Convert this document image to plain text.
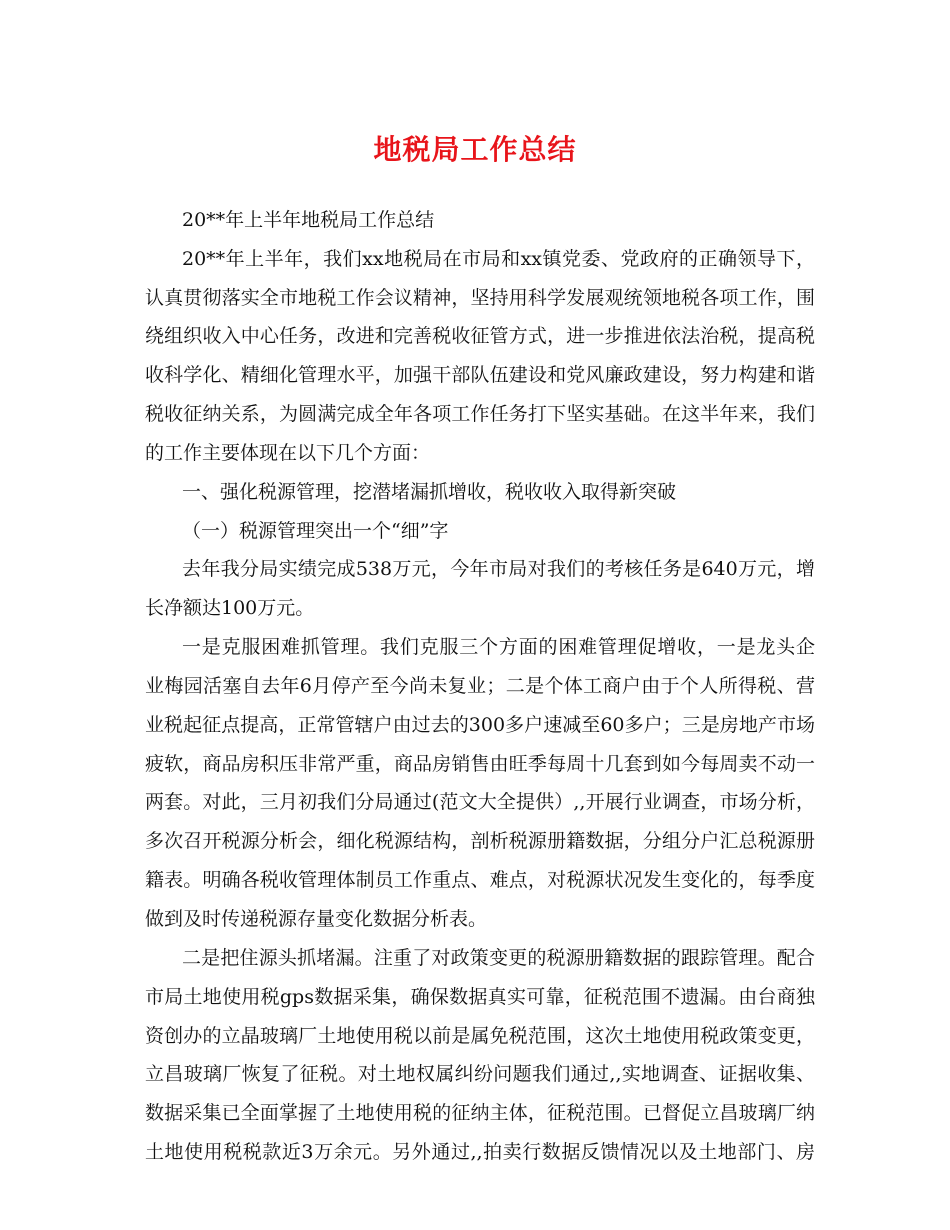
地税局工作总结
20**年上半年地税局工作总结
20**年上半年，我们xx地税局在市局和xx镇党委、党政府的正确领导下，
认真贯彻落实全市地税工作会议精神，坚持用科学发展观统领地税各项工作，围
绕组织收入中心任务，改进和完善税收征管方式，进一步推进依法治税，提高税
收科学化、精细化管理水平，加强干部队伍建设和党风廉政建设，努力构建和谐
税收征纳关系，为圆满完成全年各项工作任务打下坚实基础。在这半年来，我们
的工作主要体现在以下几个方面：
一、强化税源管理，挖潜堵漏抓增收，税收收入取得新突破
（一）税源管理突出一个“细”字
去年我分局实绩完成538万元，今年市局对我们的考核任务是640万元，增
长净额达100万元。
一是克服困难抓管理。我们克服三个方面的困难管理促增收，一是龙头企
业梅园活塞自去年6月停产至今尚未复业；二是个体工商户由于个人所得税、营
业税起征点提高，正常管辖户由过去的300多户速减至60多户；三是房地产市场
疲软，商品房积压非常严重，商品房销售由旺季每周十几套到如今每周卖不动一
两套。对此，三月初我们分局通过(范文大全提供）,,开展行业调查，市场分析，
多次召开税源分析会，细化税源结构，剖析税源册籍数据，分组分户汇总税源册
籍表。明确各税收管理体制员工作重点、难点，对税源状况发生变化的，每季度
做到及时传递税源存量变化数据分析表。
二是把住源头抓堵漏。注重了对政策变更的税源册籍数据的跟踪管理。配合
市局土地使用税gps数据采集，确保数据真实可靠，征税范围不遗漏。由台商独
资创办的立晶玻璃厂土地使用税以前是属免税范围，这次土地使用税政策变更，
立昌玻璃厂恢复了征税。对土地权属纠纷问题我们通过,,实地调查、证据收集、
数据采集已全面掌握了土地使用税的征纳主体，征税范围。已督促立昌玻璃厂纳
土地使用税税款近3万余元。另外通过,,拍卖行数据反馈情况以及土地部门、房
